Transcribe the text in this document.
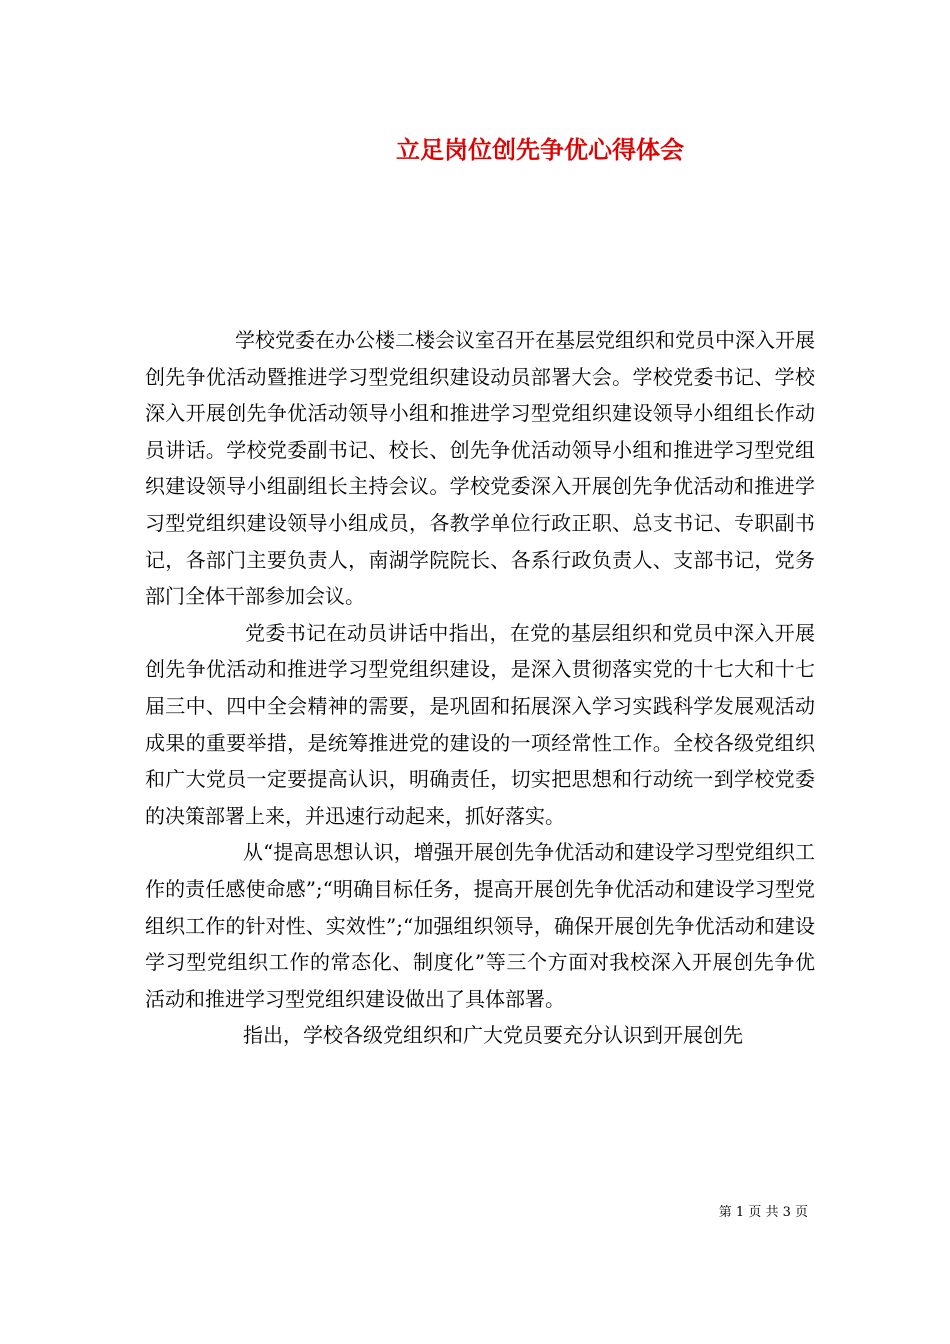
立足岗位创先争优心得体会

学校党委在办公楼二楼会议室召开在基层党组织和党员中深入开展创先争优活动暨推进学习型党组织建设动员部署大会。学校党委书记、学校深入开展创先争优活动领导小组和推进学习型党组织建设领导小组组长作动员讲话。学校党委副书记、校长、创先争优活动领导小组和推进学习型党组织建设领导小组副组长主持会议。学校党委深入开展创先争优活动和推进学习型党组织建设领导小组成员，各教学单位行政正职、总支书记、专职副书记，各部门主要负责人，南湖学院院长、各系行政负责人、支部书记，党务部门全体干部参加会议。

党委书记在动员讲话中指出，在党的基层组织和党员中深入开展创先争优活动和推进学习型党组织建设，是深入贯彻落实党的十七大和十七届三中、四中全会精神的需要，是巩固和拓展深入学习实践科学发展观活动成果的重要举措，是统筹推进党的建设的一项经常性工作。全校各级党组织和广大党员一定要提高认识，明确责任，切实把思想和行动统一到学校党委的决策部署上来，并迅速行动起来，抓好落实。

从“提高思想认识，增强开展创先争优活动和建设学习型党组织工作的责任感使命感”;“明确目标任务，提高开展创先争优活动和建设学习型党组织工作的针对性、实效性”;“加强组织领导，确保开展创先争优活动和建设学习型党组织工作的常态化、制度化”等三个方面对我校深入开展创先争优活动和推进学习型党组织建设做出了具体部署。

指出，学校各级党组织和广大党员要充分认识到开展创先

第 1 页 共 3 页
